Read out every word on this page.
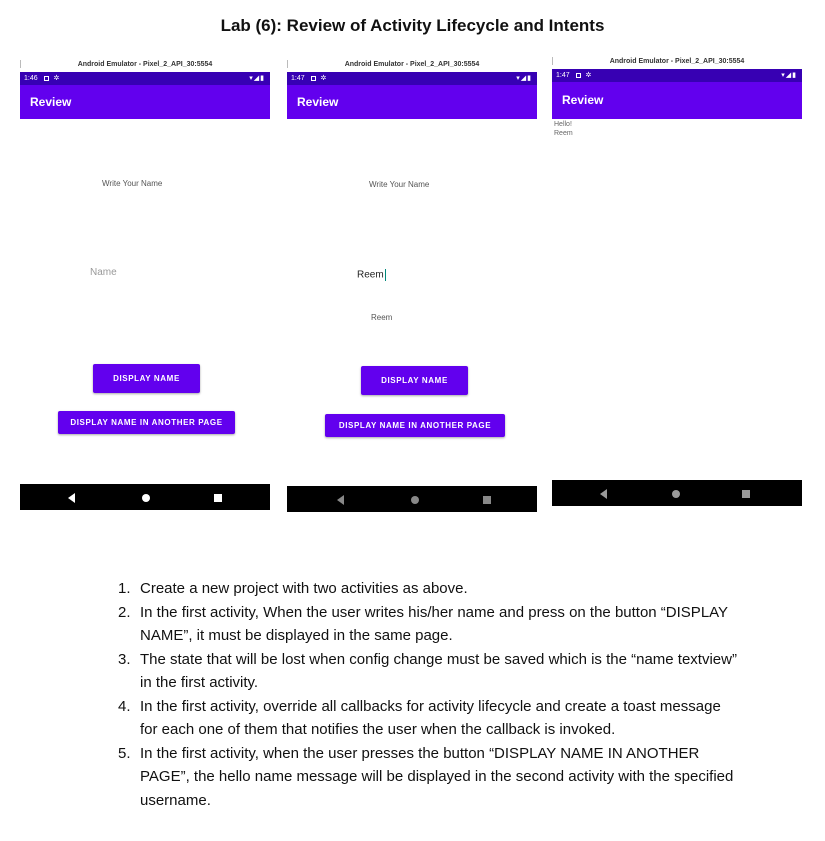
Lab (6): Review of Activity Lifecycle and Intents
Android Emulator - Pixel_2_API_30:5554
1:46 ✲	▾◢▮
Review
Write Your Name
Name
DISPLAY NAME
DISPLAY NAME IN ANOTHER PAGE
Android Emulator - Pixel_2_API_30:5554
1:47 ✲	▾◢▮
Review
Write Your Name
Reem
Reem
DISPLAY NAME
DISPLAY NAME IN ANOTHER PAGE
Android Emulator - Pixel_2_API_30:5554
1:47 ✲	▾◢▮
Review
Hello!
Reem
1. Create a new project with two activities as above.
2. In the first activity, When the user writes his/her name and press on the button “DISPLAY NAME”, it must be displayed in the same page.
3. The state that will be lost when config change must be saved which is the “name textview” in the first activity.
4. In the first activity, override all callbacks for activity lifecycle and create a toast message for each one of them that notifies the user when the callback is invoked.
5. In the first activity, when the user presses the button “DISPLAY NAME IN ANOTHER PAGE”, the hello name message will be displayed in the second activity with the specified username.
